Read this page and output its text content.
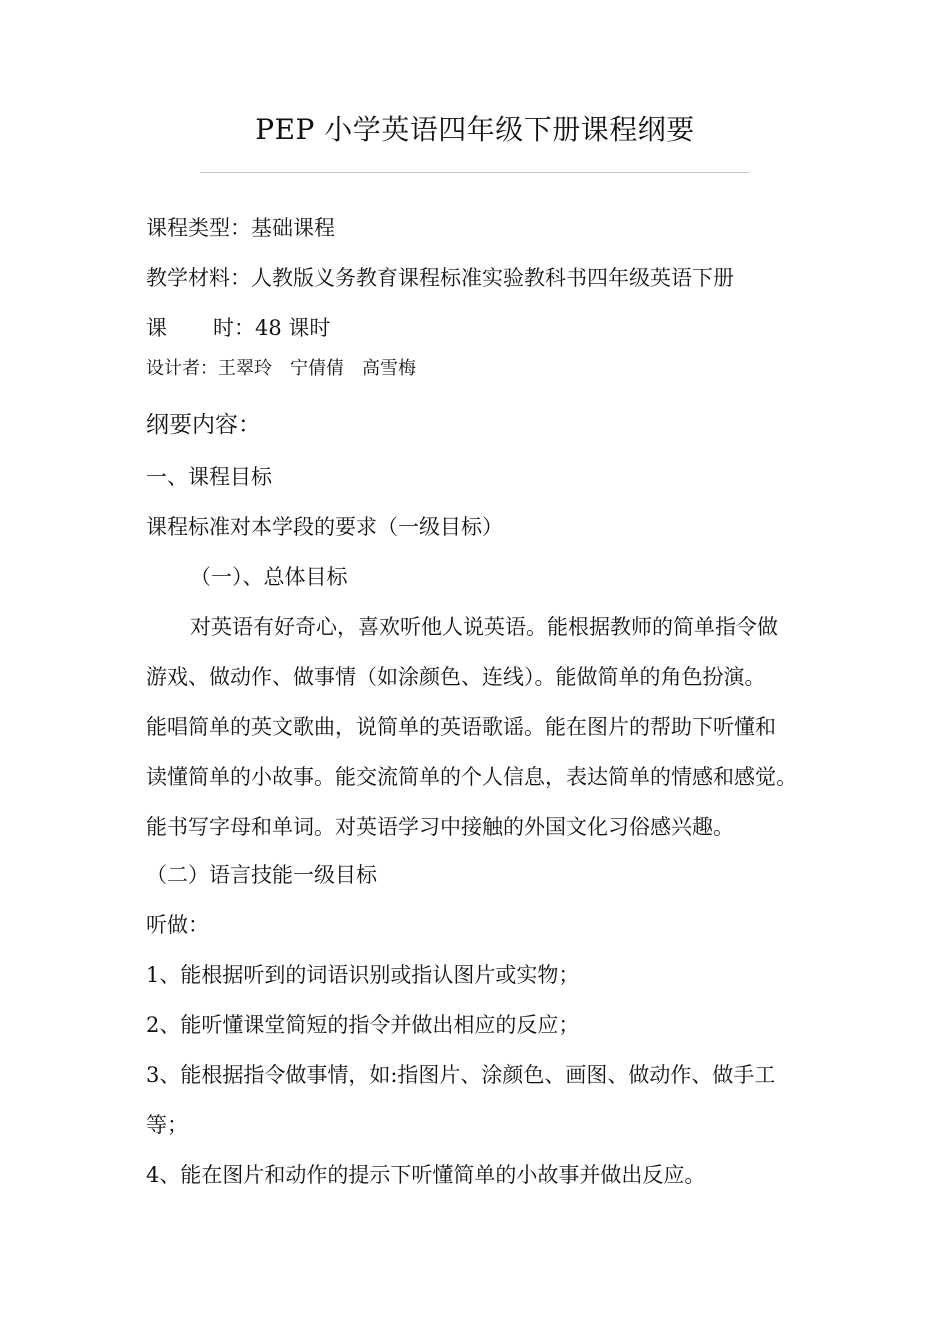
PEP 小学英语四年级下册课程纲要
课程类型：基础课程
教学材料：人教版义务教育课程标准实验教科书四年级英语下册
课 时：48 课时
设计者：王翠玲　宁倩倩　高雪梅
纲要内容：
一、课程目标
课程标准对本学段的要求（一级目标）
（一）、总体目标
对英语有好奇心，喜欢听他人说英语。能根据教师的简单指令做
游戏、做动作、做事情（如涂颜色、连线）。能做简单的角色扮演。
能唱简单的英文歌曲，说简单的英语歌谣。能在图片的帮助下听懂和
读懂简单的小故事。能交流简单的个人信息，表达简单的情感和感觉。
能书写字母和单词。对英语学习中接触的外国文化习俗感兴趣。
（二）语言技能一级目标
听做：
1、能根据听到的词语识别或指认图片或实物；
2、能听懂课堂简短的指令并做出相应的反应；
3、能根据指令做事情，如:指图片、涂颜色、画图、做动作、做手工
等；
4、能在图片和动作的提示下听懂简单的小故事并做出反应。
